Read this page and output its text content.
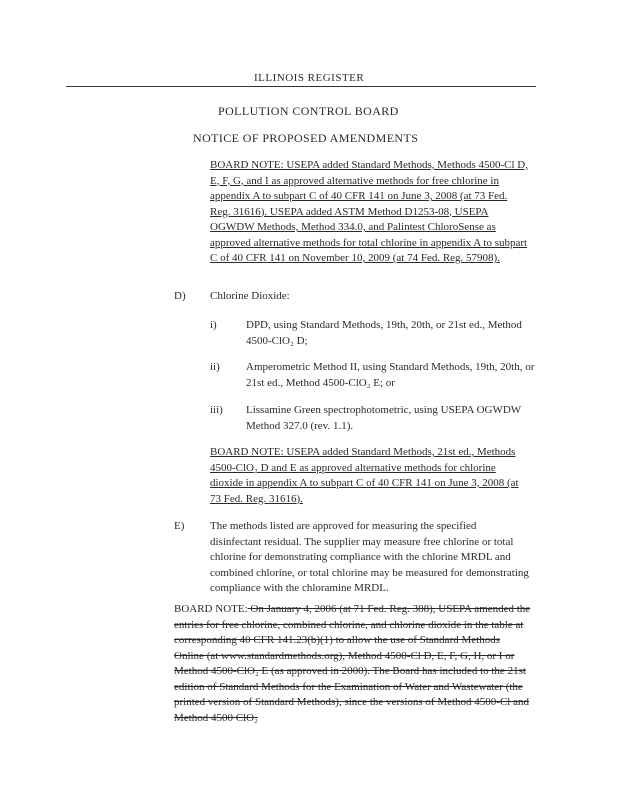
ILLINOIS REGISTER
POLLUTION CONTROL BOARD
NOTICE OF PROPOSED AMENDMENTS
BOARD NOTE: USEPA added Standard Methods, Methods 4500-Cl D, E, F, G, and I as approved alternative methods for free chlorine in appendix A to subpart C of 40 CFR 141 on June 3, 2008 (at 73 Fed. Reg. 31616). USEPA added ASTM Method D1253-08, USEPA OGWDW Methods, Method 334.0, and Palintest ChloroSense as approved alternative methods for total chlorine in appendix A to subpart C of 40 CFR 141 on November 10, 2009 (at 74 Fed. Reg. 57908).
D) Chlorine Dioxide:
i)	DPD, using Standard Methods, 19th, 20th, or 21st ed., Method 4500-ClO₂ D;
ii) Amperometric Method II, using Standard Methods, 19th, 20th, or 21st ed., Method 4500-ClO₂ E; or
iii) Lissamine Green spectrophotometric, using USEPA OGWDW Method 327.0 (rev. 1.1).
BOARD NOTE: USEPA added Standard Methods, 21st ed., Methods 4500-ClO₂ D and E as approved alternative methods for chlorine dioxide in appendix A to subpart C of 40 CFR 141 on June 3, 2008 (at 73 Fed. Reg. 31616).
E) The methods listed are approved for measuring the specified disinfectant residual. The supplier may measure free chlorine or total chlorine for demonstrating compliance with the chlorine MRDL and combined chlorine, or total chlorine may be measured for demonstrating compliance with the chloramine MRDL.
BOARD NOTE: On January 4, 2006 (at 71 Fed. Reg. 388), USEPA amended the entries for free chlorine, combined chlorine, and chlorine dioxide in the table at corresponding 40 CFR 141.23(b)(1) to allow the use of Standard Methods Online (at www.standardmethods.org), Method 4500-Cl D, E, F, G, H, or I or Method 4500-ClO₂ E (as approved in 2000). The Board has included to the 21st edition of Standard Methods for the Examination of Water and Wastewater (the printed version of Standard Methods), since the versions of Method 4500-Cl and Method 4500 ClO₂
